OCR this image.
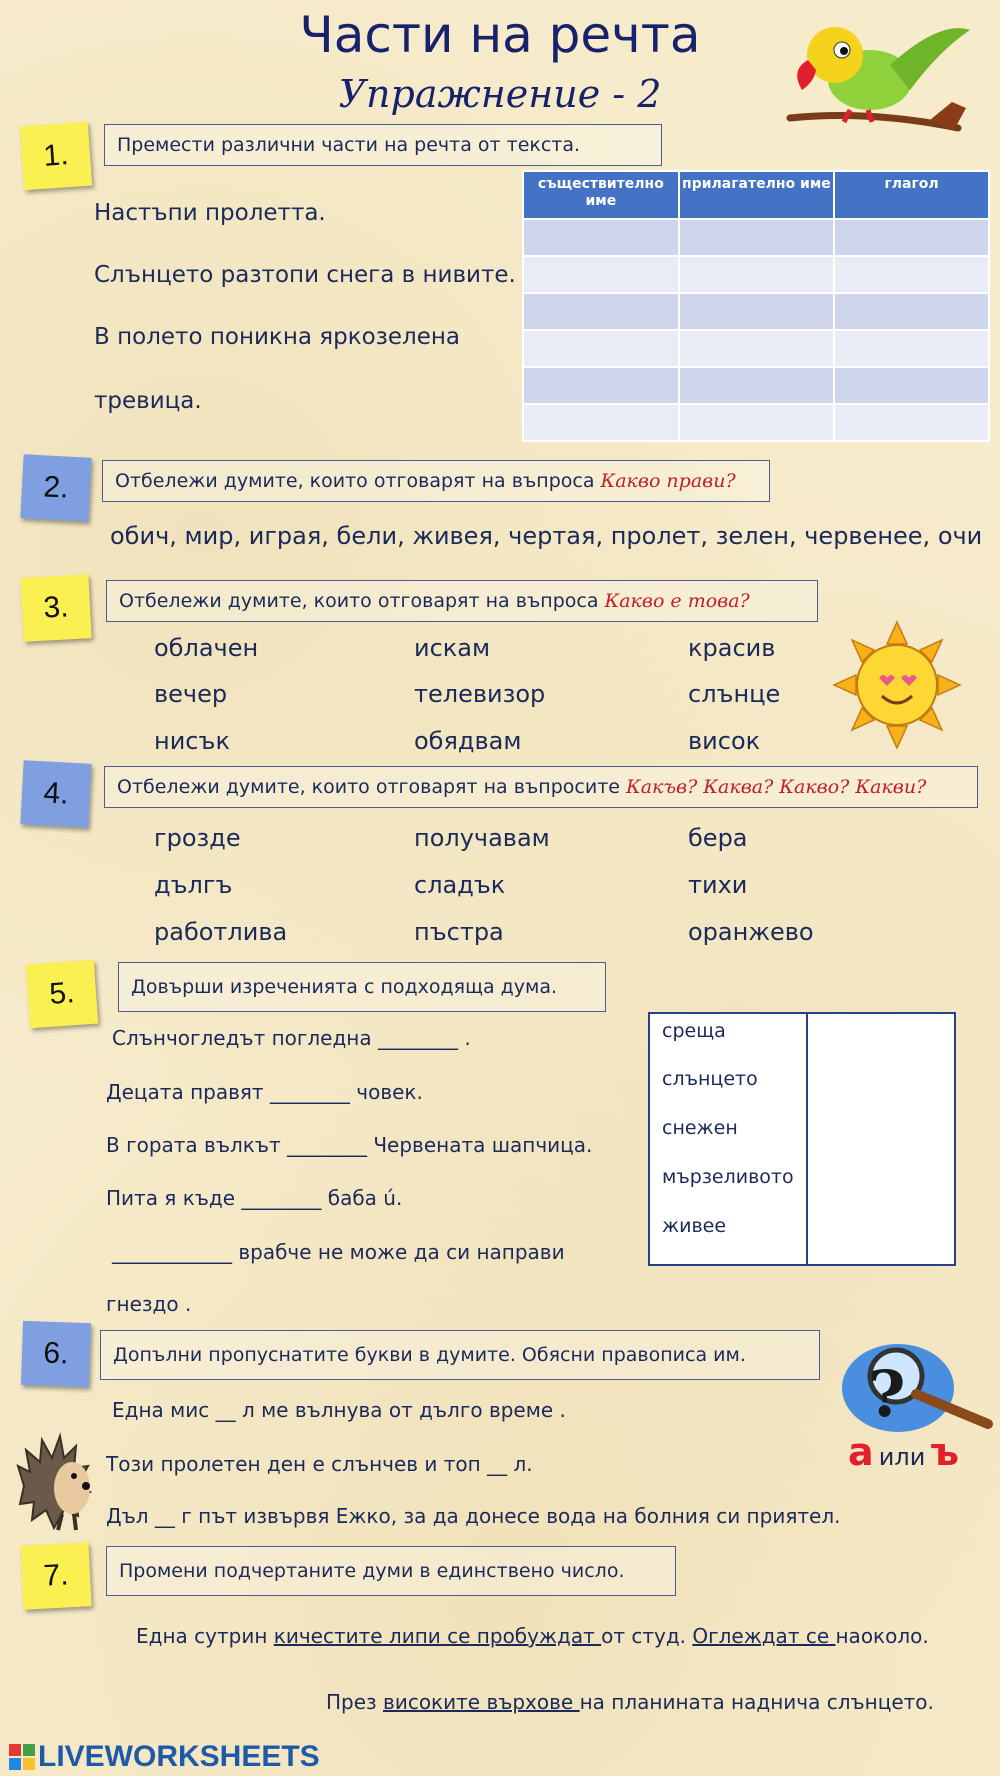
Части на речта
Упражнение - 2
1.	Премести различни части на речта от текста.
Настъпи пролетта.
Слънцето разтопи снега в нивите.
В полето поникна яркозелена
тревица.
съществително име	прилагателно име	глагол

2.	Отбележи думите, които отговарят на въпроса Какво прави?
обич, мир, играя, бели, живея, чертая, пролет, зелен, червенее, очи
3.	Отбележи думите, които отговарят на въпроса Какво е това?
облачен	искам	красив
вечер	телевизор	слънце
нисък	обядвам	висок
4.	Отбележи думите, които отговарят на въпросите Какъв? Каква? Какво? Какви?
грозде	получавам	бера
дългъ	сладък	тихи
работлива	пъстра	оранжево
5.	Довърши изреченията с подходяща дума.
Слънчогледът погледна ________ .
Децата правят ________ човек.
В гората вълкът ________ Червената шапчица.
Пита я къде ________ баба ú.
____________ врабче не може да си направи
гнездо .
среща
слънцето
снежен
мързеливото
живее
6.	Допълни пропуснатите букви в думите. Обясни правописа им.
Една мис __ л ме вълнува от дълго време .
Този пролетен ден е слънчев и топ __ л.
Дъл __ г път извървя Ежко, за да донесе вода на болния си приятел.
?
а или ъ
7.	Промени подчертаните думи в единствено число.
Една сутрин кичестите липи се пробуждат от студ. Оглеждат се наоколо.
През високите върхове на планината надничa слънцето.
LIVEWORKSHEETS
